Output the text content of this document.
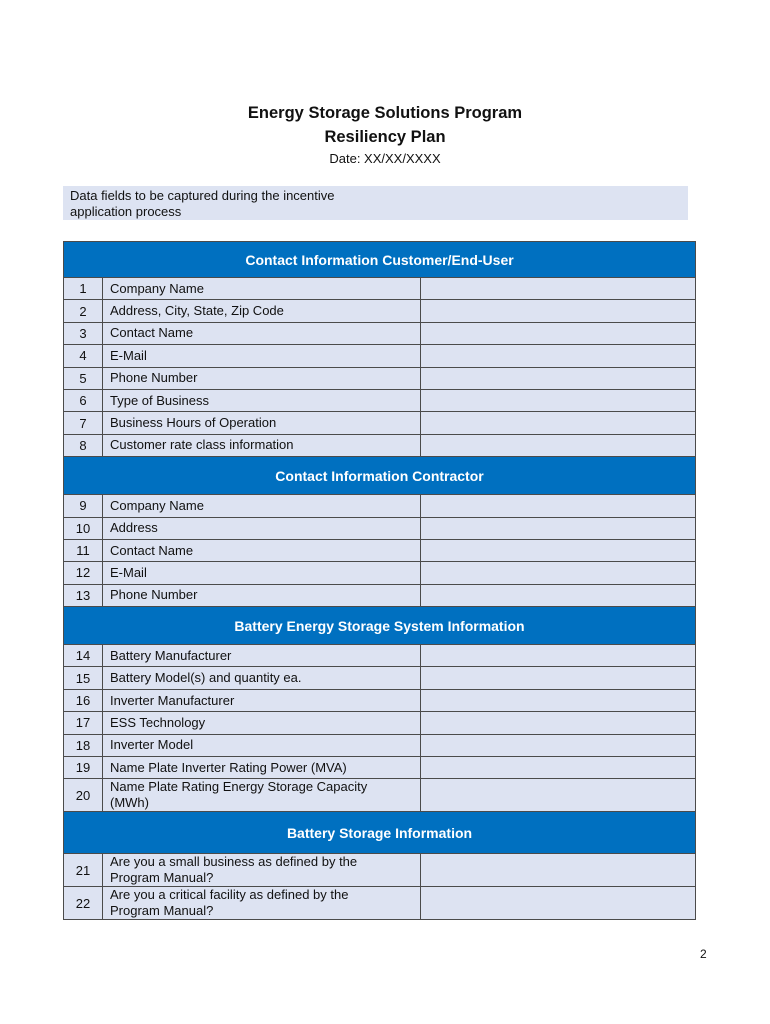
Energy Storage Solutions Program
Resiliency Plan

Date: XX/XX/XXXX

Data fields to be captured during the incentive
application process
Contact Information Customer/End-User		
1	Company Name	
2	Address, City, State, Zip Code	
3	Contact Name	
4	E-Mail	
5	Phone Number	
6	Type of Business	
7	Business Hours of Operation	
8	Customer rate class information	
Contact Information Contractor		
9	Company Name	
10	Address	
11	Contact Name	
12	E-Mail	
13	Phone Number	
Battery Energy Storage System Information		
14	Battery Manufacturer	
15	Battery Model(s) and quantity ea.	
16	Inverter Manufacturer	
17	ESS Technology	
18	Inverter Model	
19	Name Plate Inverter Rating Power (MVA)	
20	Name Plate Rating Energy Storage Capacity
(MWh)	
Battery Storage Information		
21	Are you a small business as defined by the
Program Manual?	
22	Are you a critical facility as defined by the
Program Manual?	
2
